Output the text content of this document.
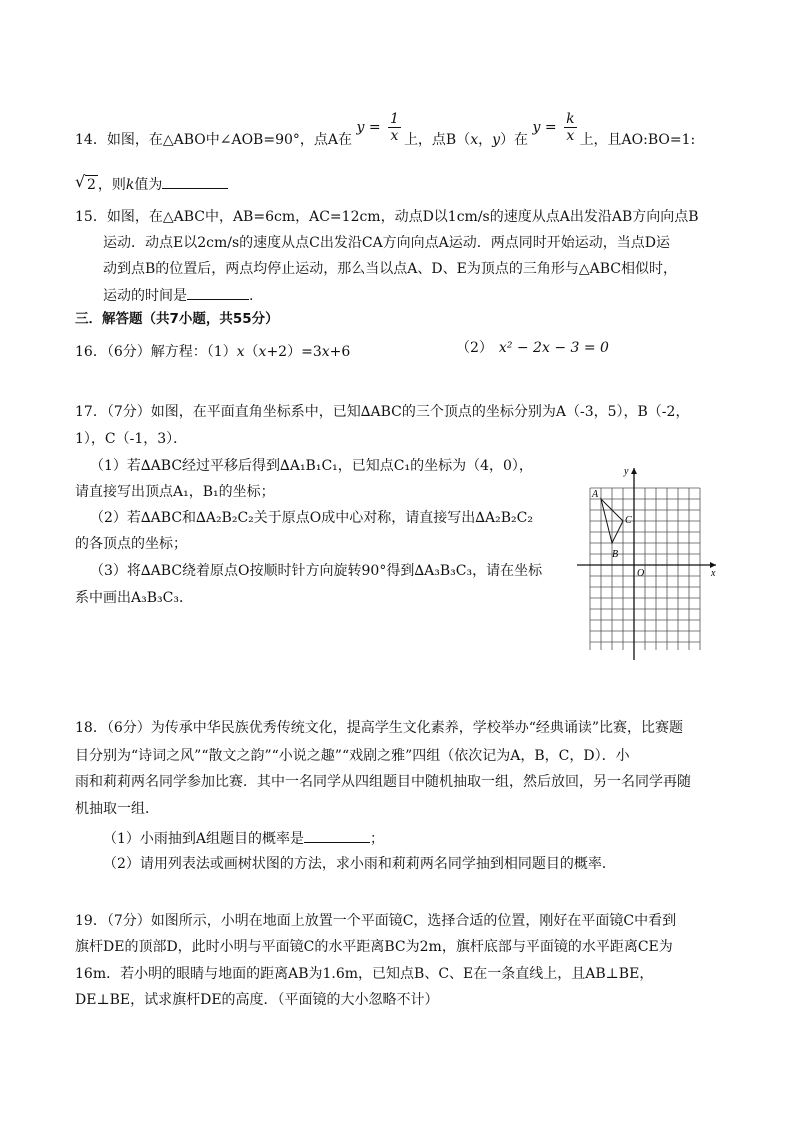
14．如图，在△ABO中∠AOB=90°，点A在 $y = \frac{1}{x}$ 上，点B（x，y）在 $y = \frac{k}{x}$ 上，且AO:BO=1:
√ 2 ，则k值为
15．如图，在△ABC中，AB=6cm，AC=12cm，动点D以1cm/s的速度从点A出发沿AB方向向点B
运动．动点E以2cm/s的速度从点C出发沿CA方向向点A运动．两点同时开始运动，当点D运
动到点B的位置后，两点均停止运动，那么当以点A、D、E为顶点的三角形与△ABC相似时，
运动的时间是	.
三．解答题（共7小题，共55分）
16．（6分）解方程：（1）x（x+2）=3x+6	（2） x² − 2x − 3 = 0
17．（7分）如图，在平面直角坐标系中，已知∆ABC的三个顶点的坐标分别为A（-3，5），B（-2，
1），C（-1，3）．
（1）若∆ABC经过平移后得到∆A₁B₁C₁，已知点C₁的坐标为（4，0），
请直接写出顶点A₁，B₁的坐标；
（2）若∆ABC和∆A₂B₂C₂关于原点O成中心对称，请直接写出∆A₂B₂C₂
的各顶点的坐标；
（3）将∆ABC绕着原点O按顺时针方向旋转90°得到∆A₃B₃C₃，请在坐标
系中画出A₃B₃C₃．
x
y
O
A
B
C
18．（6分）为传承中华民族优秀传统文化，提高学生文化素养，学校举办“经典诵读”比赛，比赛题
目分别为“诗词之风”“散文之韵”“小说之趣”“戏剧之雅”四组（依次记为A，B，C，D）．小
雨和莉莉两名同学参加比赛．其中一名同学从四组题目中随机抽取一组，然后放回，另一名同学再随
机抽取一组．
（1）小雨抽到A组题目的概率是	；
（2）请用列表法或画树状图的方法，求小雨和莉莉两名同学抽到相同题目的概率．
19．（7分）如图所示，小明在地面上放置一个平面镜C，选择合适的位置，刚好在平面镜C中看到
旗杆DE的顶部D，此时小明与平面镜C的水平距离BC为2m，旗杆底部与平面镜的水平距离CE为
16m．若小明的眼睛与地面的距离AB为1.6m，已知点B、C、E在一条直线上，且AB⊥BE，
DE⊥BE，试求旗杆DE的高度．（平面镜的大小忽略不计）
